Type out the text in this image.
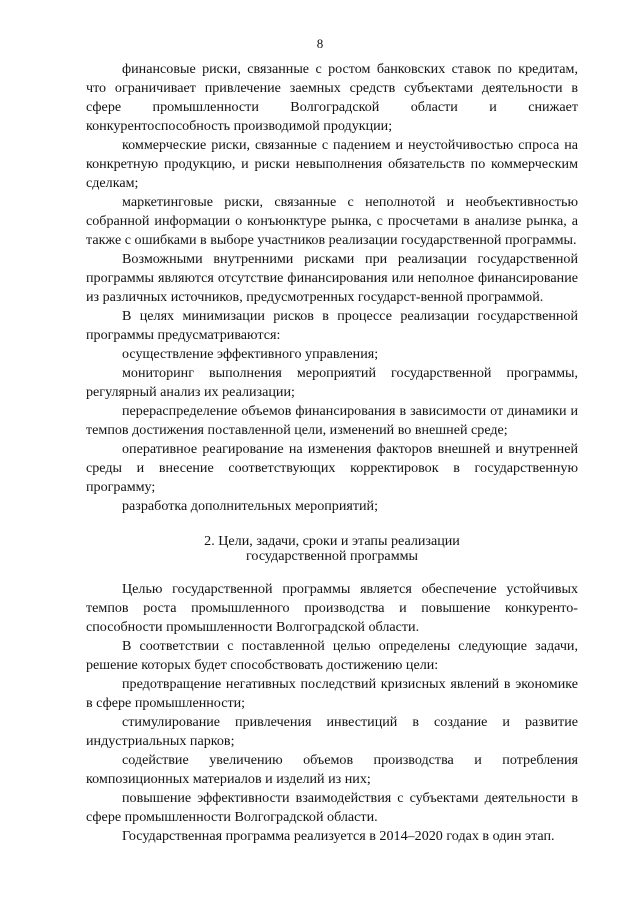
8

финансовые риски, связанные с ростом банковских ставок по кредитам, что ограничивает привлечение заемных средств субъектами деятельности в сфере промышленности Волгоградской области и снижает конкурентоспособность производимой продукции;

коммерческие риски, связанные с падением и неустойчивостью спроса на конкретную продукцию, и риски невыполнения обязательств по коммерческим сделкам;

маркетинговые риски, связанные с неполнотой и необъективностью собранной информации о конъюнктуре рынка, с просчетами в анализе рынка, а также с ошибками в выборе участников реализации государственной программы.

Возможными внутренними рисками при реализации государственной программы являются отсутствие финансирования или неполное финансирование из различных источников, предусмотренных государст-венной программой.

В целях минимизации рисков в процессе реализации государственной программы предусматриваются:

осуществление эффективного управления;

мониторинг выполнения мероприятий государственной программы, регулярный анализ их реализации;

перераспределение объемов финансирования в зависимости от динамики и темпов достижения поставленной цели, изменений во внешней среде;

оперативное реагирование на изменения факторов внешней и внутренней среды и внесение соответствующих корректировок в государственную программу;

разработка дополнительных мероприятий;

2. Цели, задачи, сроки и этапы реализации
государственной программы

Целью государственной программы является обеспечение устойчивых темпов роста промышленного производства и повышение конкуренто-способности промышленности Волгоградской области.

В соответствии с поставленной целью определены следующие задачи, решение которых будет способствовать достижению цели:

предотвращение негативных последствий кризисных явлений в экономике в сфере промышленности;

стимулирование привлечения инвестиций в создание и развитие индустриальных парков;

содействие увеличению объемов производства и потребления композиционных материалов и изделий из них;

повышение эффективности взаимодействия с субъектами деятельности в сфере промышленности Волгоградской области.

Государственная программа реализуется в 2014–2020 годах в один этап.
